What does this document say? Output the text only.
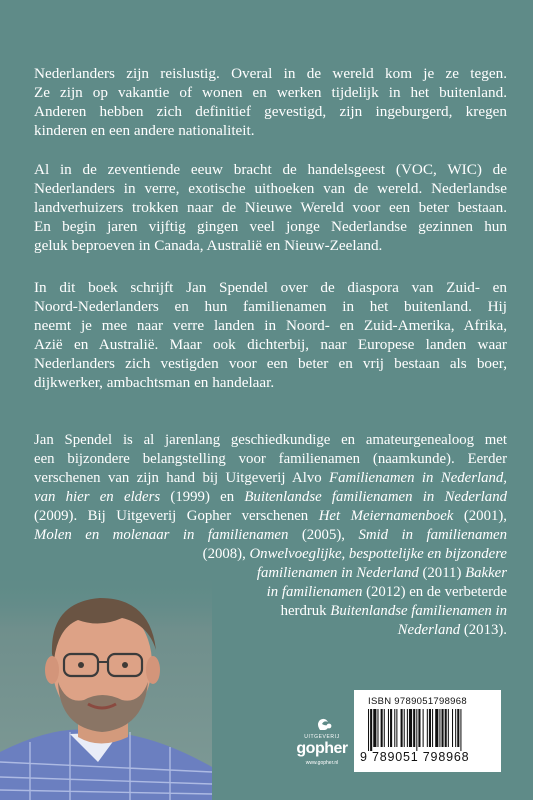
Nederlanders zijn reislustig. Overal in de wereld kom je ze tegen.
Ze zijn op vakantie of wonen en werken tijdelijk in het buitenland.
Anderen hebben zich definitief gevestigd, zijn ingeburgerd, kregen
kinderen en een andere nationaliteit.
Al in de zeventiende eeuw bracht de handelsgeest (VOC, WIC) de
Nederlanders in verre, exotische uithoeken van de wereld. Nederlandse
landverhuizers trokken naar de Nieuwe Wereld voor een beter bestaan.
En begin jaren vijftig gingen veel jonge Nederlandse gezinnen hun
geluk beproeven in Canada, Australië en Nieuw-Zeeland.
In dit boek schrijft Jan Spendel over de diaspora van Zuid- en
Noord-Nederlanders en hun familienamen in het buitenland. Hij
neemt je mee naar verre landen in Noord- en Zuid-Amerika, Afrika,
Azië en Australië. Maar ook dichterbij, naar Europese landen waar
Nederlanders zich vestigden voor een beter en vrij bestaan als boer,
dijkwerker, ambachtsman en handelaar.
Jan Spendel is al jarenlang geschiedkundige en amateurgenealoog met
een bijzondere belangstelling voor familienamen (naamkunde). Eerder
verschenen van zijn hand bij Uitgeverij Alvo Familienamen in Nederland,
van hier en elders (1999) en Buitenlandse familienamen in Nederland
(2009). Bij Uitgeverij Gopher verschenen Het Meiernamenboek (2001),
Molen en molenaar in familienamen (2005), Smid in familienamen
(2008), Onwelvoeglijke, bespottelijke en bijzondere
familienamen in Nederland (2011) Bakker
in familienamen (2012) en de verbeterde
herdruk Buitenlandse familienamen in
Nederland (2013).
UITGEVERIJ
gopher
www.gopher.nl
ISBN 9789051798968
9 789051 798968
